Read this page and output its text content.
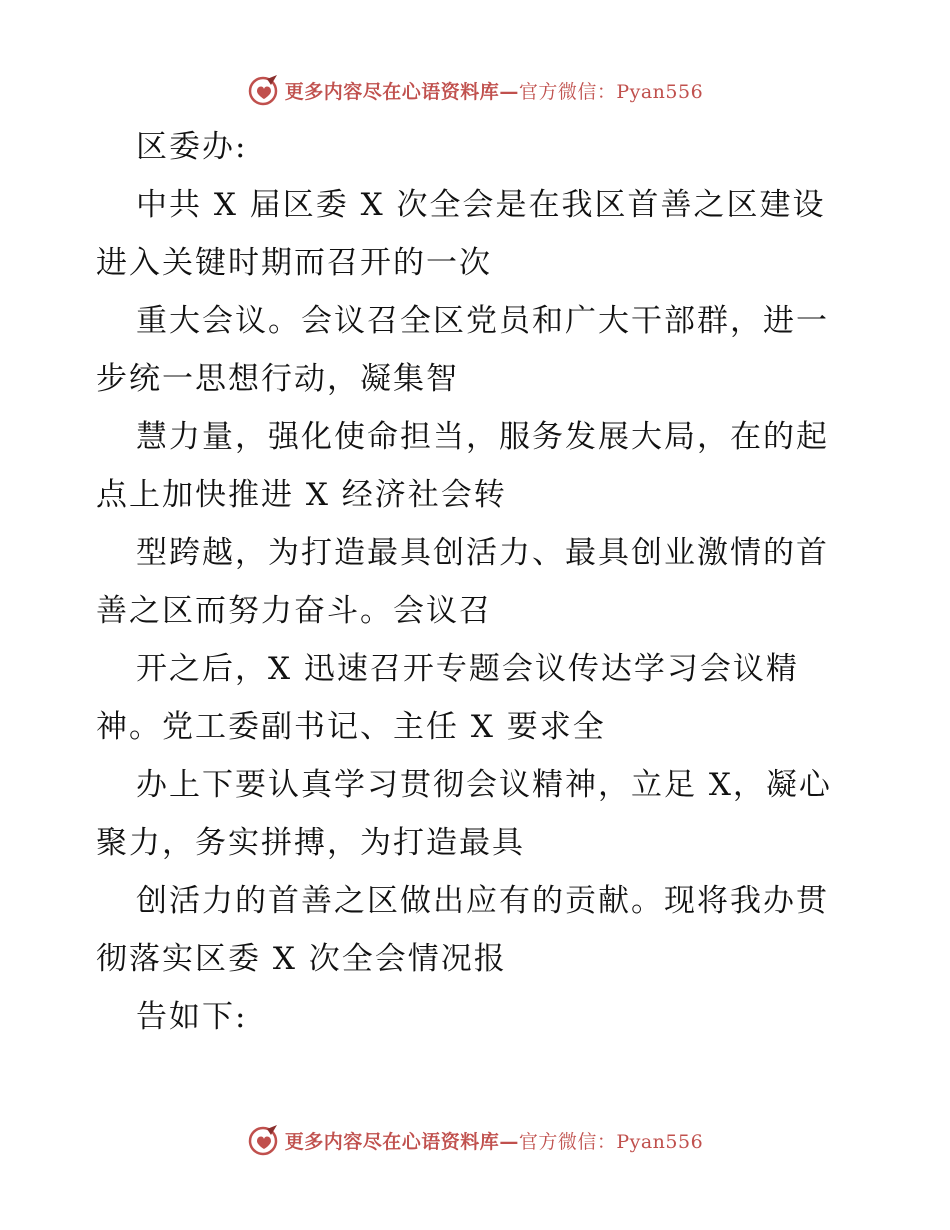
更多内容尽在心语资料库—官方微信：Pyan556
区委办:
中共 X 届区委 X 次全会是在我区首善之区建设
进入关键时期而召开的一次
重大会议。会议召全区党员和广大干部群，进一
步统一思想行动，凝集智
慧力量，强化使命担当，服务发展大局，在的起
点上加快推进 X 经济社会转
型跨越，为打造最具创活力、最具创业激情的首
善之区而努力奋斗。会议召
开之后，X 迅速召开专题会议传达学习会议精
神。党工委副书记、主任 X 要求全
办上下要认真学习贯彻会议精神，立足 X，凝心
聚力，务实拼搏，为打造最具
创活力的首善之区做出应有的贡献。现将我办贯
彻落实区委 X 次全会情况报
告如下:
更多内容尽在心语资料库—官方微信：Pyan556
